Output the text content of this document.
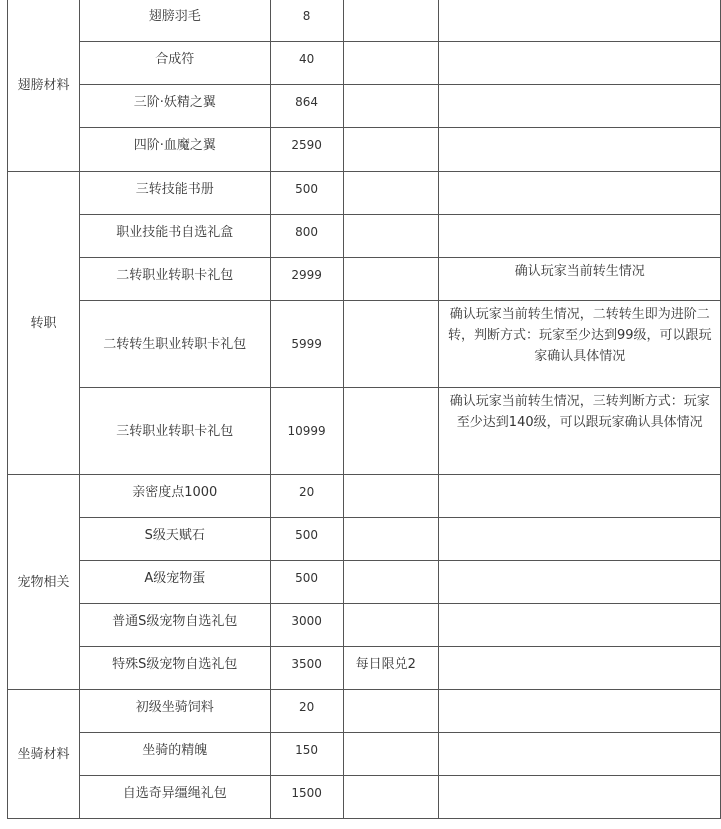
翅膀材料	翅膀羽毛	8		
	合成符	40		
	三阶·妖精之翼	864		
	四阶·血魔之翼	2590		
转职	三转技能书册	500		
	职业技能书自选礼盒	800		
	二转职业转职卡礼包	2999		确认玩家当前转生情况
	二转转生职业转职卡礼包	5999		确认玩家当前转生情况，二转转生即为进阶二转，判断方式：玩家至少达到99级，可以跟玩家确认具体情况
	三转职业转职卡礼包	10999		确认玩家当前转生情况，三转判断方式：玩家至少达到140级，可以跟玩家确认具体情况
宠物相关	亲密度点1000	20		
	S级天赋石	500		
	A级宠物蛋	500		
	普通S级宠物自选礼包	3000		
	特殊S级宠物自选礼包	3500	每日限兑2	
坐骑材料	初级坐骑饲料	20		
	坐骑的精魄	150		
	自选奇异缰绳礼包	1500		
